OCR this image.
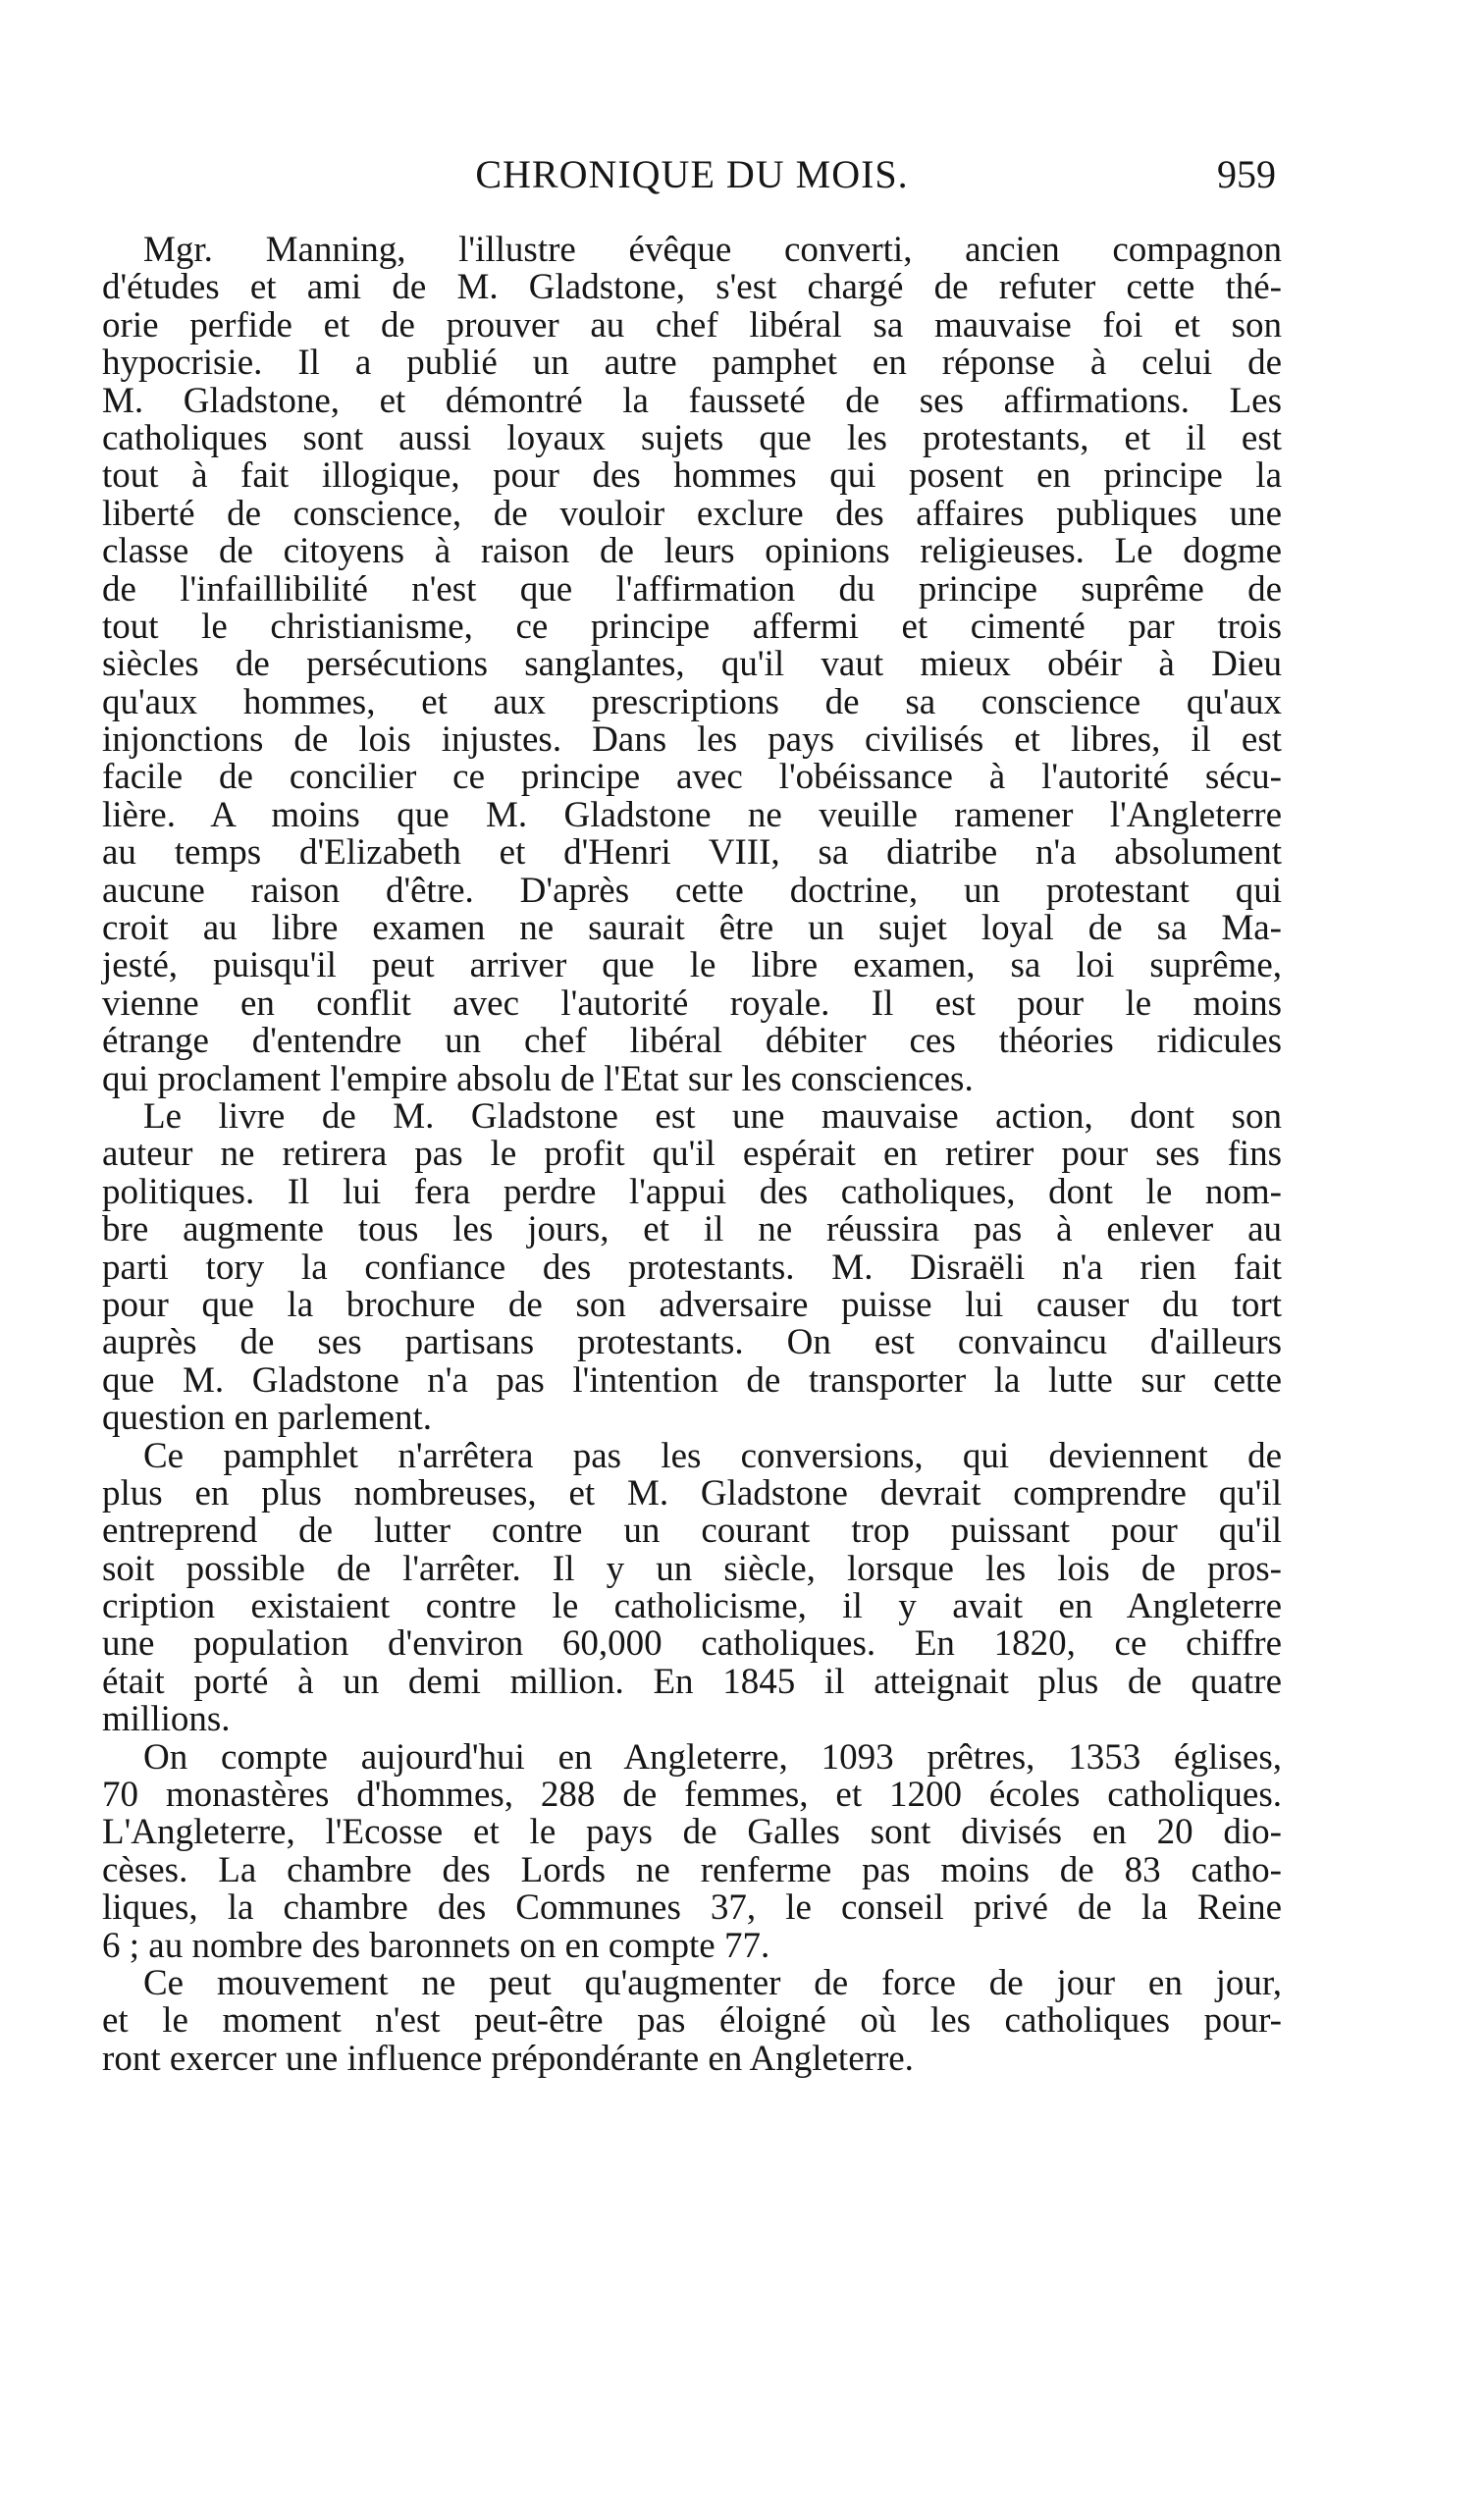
CHRONIQUE DU MOIS.	959
Mgr. Manning, l'illustre évêque converti, ancien compagnon
d'études et ami de M. Gladstone, s'est chargé de refuter cette thé-
orie perfide et de prouver au chef libéral sa mauvaise foi et son
hypocrisie. Il a publié un autre pamphet en réponse à celui de
M. Gladstone, et démontré la fausseté de ses affirmations. Les
catholiques sont aussi loyaux sujets que les protestants, et il est
tout à fait illogique, pour des hommes qui posent en principe la
liberté de conscience, de vouloir exclure des affaires publiques une
classe de citoyens à raison de leurs opinions religieuses. Le dogme
de l'infaillibilité n'est que l'affirmation du principe suprême de
tout le christianisme, ce principe affermi et cimenté par trois
siècles de persécutions sanglantes, qu'il vaut mieux obéir à Dieu
qu'aux hommes, et aux prescriptions de sa conscience qu'aux
injonctions de lois injustes. Dans les pays civilisés et libres, il est
facile de concilier ce principe avec l'obéissance à l'autorité sécu-
lière. A moins que M. Gladstone ne veuille ramener l'Angleterre
au temps d'Elizabeth et d'Henri VIII, sa diatribe n'a absolument
aucune raison d'être. D'après cette doctrine, un protestant qui
croit au libre examen ne saurait être un sujet loyal de sa Ma-
jesté, puisqu'il peut arriver que le libre examen, sa loi suprême,
vienne en conflit avec l'autorité royale. Il est pour le moins
étrange d'entendre un chef libéral débiter ces théories ridicules
qui proclament l'empire absolu de l'Etat sur les consciences.
Le livre de M. Gladstone est une mauvaise action, dont son
auteur ne retirera pas le profit qu'il espérait en retirer pour ses fins
politiques. Il lui fera perdre l'appui des catholiques, dont le nom-
bre augmente tous les jours, et il ne réussira pas à enlever au
parti tory la confiance des protestants. M. Disraëli n'a rien fait
pour que la brochure de son adversaire puisse lui causer du tort
auprès de ses partisans protestants. On est convaincu d'ailleurs
que M. Gladstone n'a pas l'intention de transporter la lutte sur cette
question en parlement.
Ce pamphlet n'arrêtera pas les conversions, qui deviennent de
plus en plus nombreuses, et M. Gladstone devrait comprendre qu'il
entreprend de lutter contre un courant trop puissant pour qu'il
soit possible de l'arrêter. Il y un siècle, lorsque les lois de pros-
cription existaient contre le catholicisme, il y avait en Angleterre
une population d'environ 60,000 catholiques. En 1820, ce chiffre
était porté à un demi million. En 1845 il atteignait plus de quatre
millions.
On compte aujourd'hui en Angleterre, 1093 prêtres, 1353 églises,
70 monastères d'hommes, 288 de femmes, et 1200 écoles catholiques.
L'Angleterre, l'Ecosse et le pays de Galles sont divisés en 20 dio-
cèses. La chambre des Lords ne renferme pas moins de 83 catho-
liques, la chambre des Communes 37, le conseil privé de la Reine
6 ; au nombre des baronnets on en compte 77.
Ce mouvement ne peut qu'augmenter de force de jour en jour,
et le moment n'est peut-être pas éloigné où les catholiques pour-
ront exercer une influence prépondérante en Angleterre.
